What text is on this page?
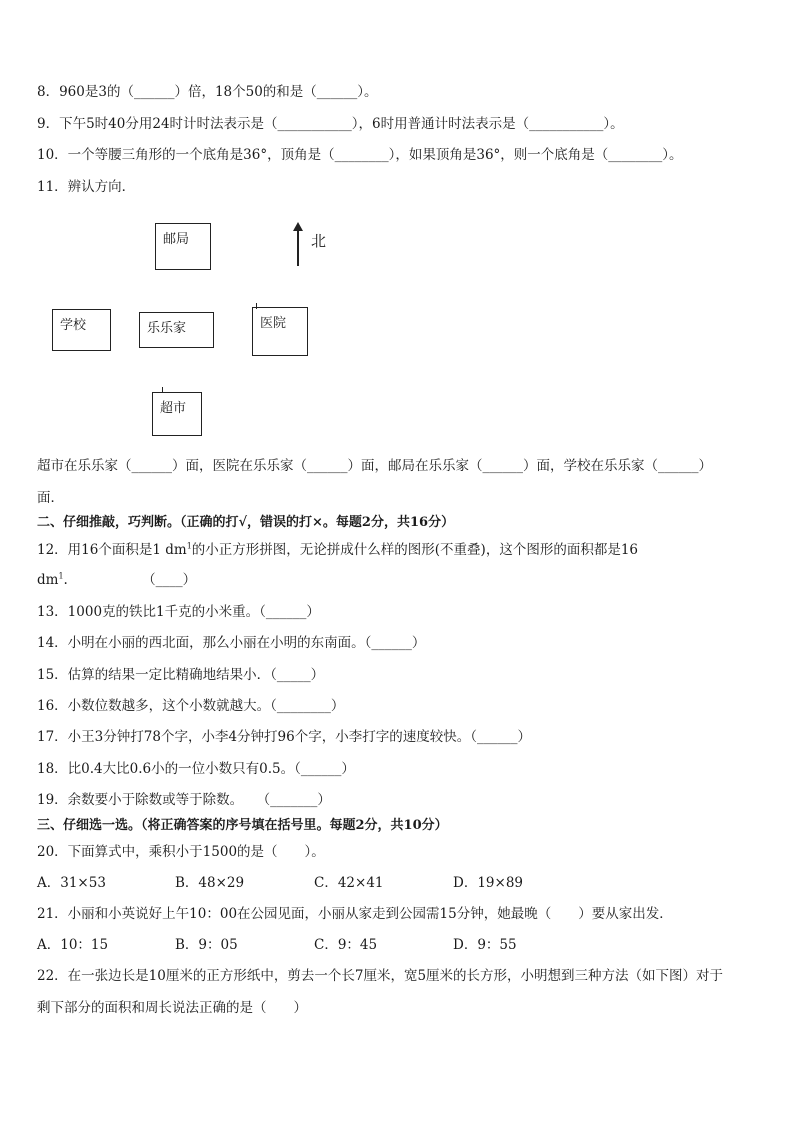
8．960是3的（______）倍，18个50的和是（______）。
9．下午5时40分用24时计时法表示是（___________），6时用普通计时法表示是（___________）。
10．一个等腰三角形的一个底角是36°，顶角是（________），如果顶角是36°，则一个底角是（________）。
11．辨认方向．
邮局	北
学校	乐乐家	医院
超市
超市在乐乐家（______）面，医院在乐乐家（______）面，邮局在乐乐家（______）面，学校在乐乐家（______）
面．
二、仔细推敲，巧判断。（正确的打√，错误的打×。每题2分，共16分）
12．用16个面积是1 $dm^1$的小正方形拼图，无论拼成什么样的图形(不重叠)，这个图形的面积都是16
$dm^1$.　　　　　　（____）
13．1000克的铁比1千克的小米重。（______）
14．小明在小丽的西北面，那么小丽在小明的东南面。（______）
15．估算的结果一定比精确地结果小．（_____）
16．小数位数越多，这个小数就越大。（________）
17．小王3分钟打78个字，小李4分钟打96个字，小李打字的速度较快。（______）
18．比0.4大比0.6小的一位小数只有0.5。（______）
19．余数要小于除数或等于除数。　　（_______）
三、仔细选一选。（将正确答案的序号填在括号里。每题2分，共10分）
20．下面算式中，乘积小于1500的是（　　）。
A．31×53	B．48×29	C．42×41	D．19×89
21．小丽和小英说好上午10：00在公园见面，小丽从家走到公园需15分钟，她最晚（　　）要从家出发．
A．10：15	B．9：05	C．9：45	D．9：55
22．在一张边长是10厘米的正方形纸中，剪去一个长7厘米，宽5厘米的长方形，小明想到三种方法（如下图）对于
剩下部分的面积和周长说法正确的是（　　）
